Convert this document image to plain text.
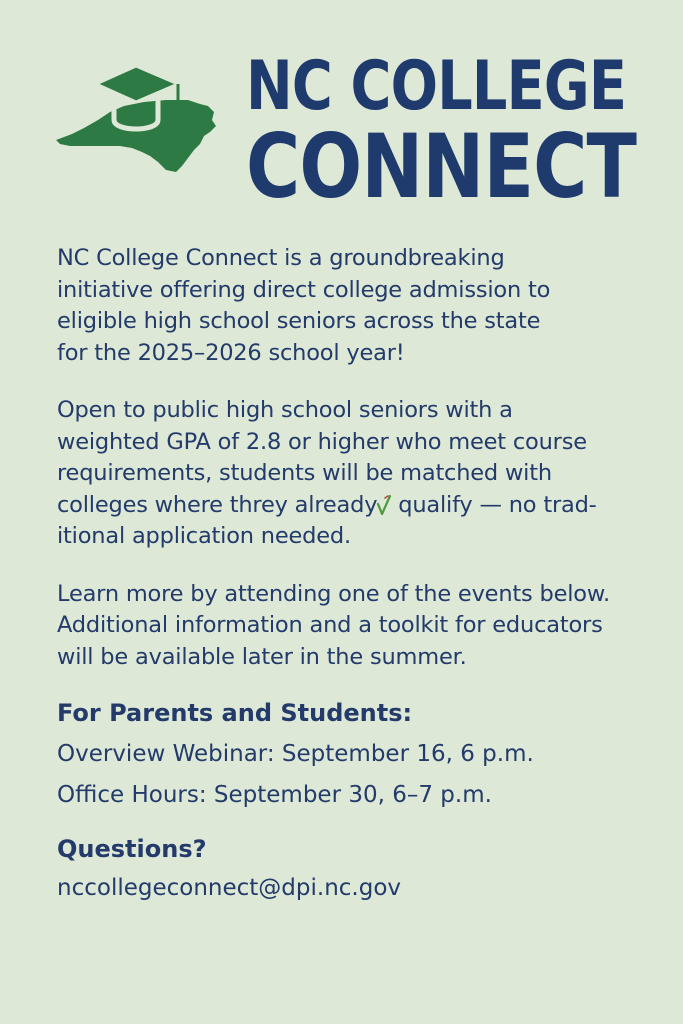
NC COLLEGE
CONNECT

NC College Connect is a groundbreaking
initiative offering direct college admission to
eligible high school seniors across the state
for the 2025–2026 school year!

Open to public high school seniors with a
weighted GPA of 2.8 or higher who meet course
requirements, students will be matched with
colleges where threy already qualify — no trad-
itional application needed.

Learn more by attending one of the events below.
Additional information and a toolkit for educators
will be available later in the summer.

For Parents and Students:

Overview Webinar: September 16, 6 p.m.

Office Hours: September 30, 6–7 p.m.

Questions?

nccollegeconnect@dpi.nc.gov
